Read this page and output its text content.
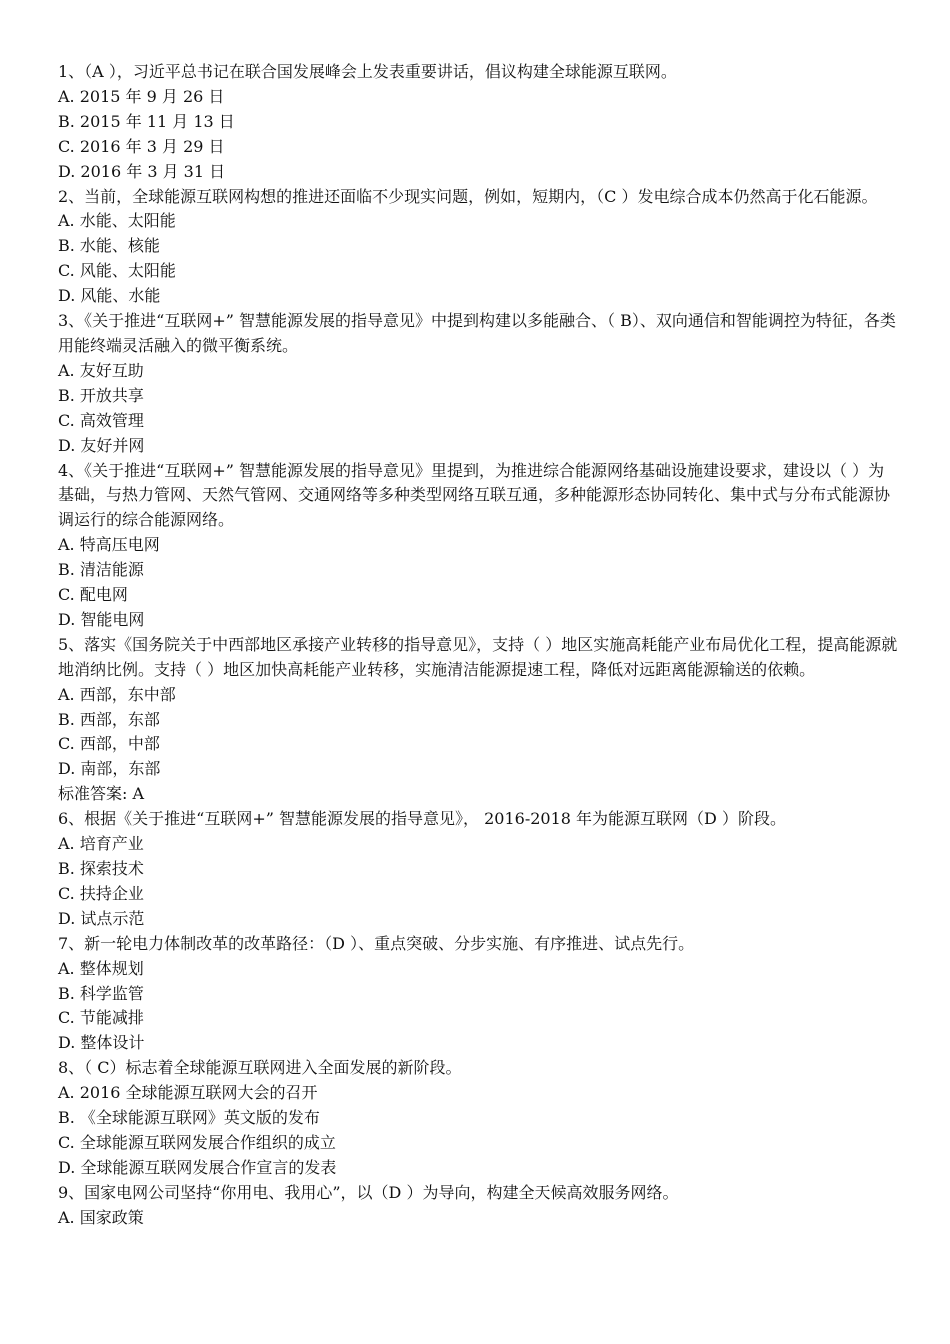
1、（A ），习近平总书记在联合国发展峰会上发表重要讲话，倡议构建全球能源互联网。

A. 2015 年 9 月 26 日

B. 2015 年 11 月 13 日

C. 2016 年 3 月 29 日

D. 2016 年 3 月 31 日

2、当前，全球能源互联网构想的推进还面临不少现实问题，例如，短期内，（C ）发电综合成本仍然高于化石能源。

A. 水能、太阳能

B. 水能、核能

C. 风能、太阳能

D. 风能、水能

3、《关于推进“互联网+” 智慧能源发展的指导意见》中提到构建以多能融合、（ B）、双向通信和智能调控为特征，各类用能终端灵活融入的微平衡系统。

A. 友好互助

B. 开放共享

C. 高效管理

D. 友好并网

4、《关于推进“互联网+” 智慧能源发展的指导意见》里提到，为推进综合能源网络基础设施建设要求，建设以（ ）为基础，与热力管网、天然气管网、交通网络等多种类型网络互联互通，多种能源形态协同转化、集中式与分布式能源协调运行的综合能源网络。

A. 特高压电网

B. 清洁能源

C. 配电网

D. 智能电网

5、落实《国务院关于中西部地区承接产业转移的指导意见》，支持（ ）地区实施高耗能产业布局优化工程，提高能源就地消纳比例。支持（ ）地区加快高耗能产业转移，实施清洁能源提速工程，降低对远距离能源输送的依赖。

A. 西部，东中部

B. 西部，东部

C. 西部，中部

D. 南部，东部

标准答案: A

6、根据《关于推进“互联网+” 智慧能源发展的指导意见》， 2016-2018 年为能源互联网（D ）阶段。

A. 培育产业

B. 探索技术

C. 扶持企业

D. 试点示范

7、新一轮电力体制改革的改革路径：（D ）、重点突破、分步实施、有序推进、试点先行。

A. 整体规划

B. 科学监管

C. 节能减排

D. 整体设计

8、（ C）标志着全球能源互联网进入全面发展的新阶段。

A. 2016 全球能源互联网大会的召开

B. 《全球能源互联网》英文版的发布

C. 全球能源互联网发展合作组织的成立

D. 全球能源互联网发展合作宣言的发表

9、国家电网公司坚持“你用电、我用心”，以（D ）为导向，构建全天候高效服务网络。

A. 国家政策
